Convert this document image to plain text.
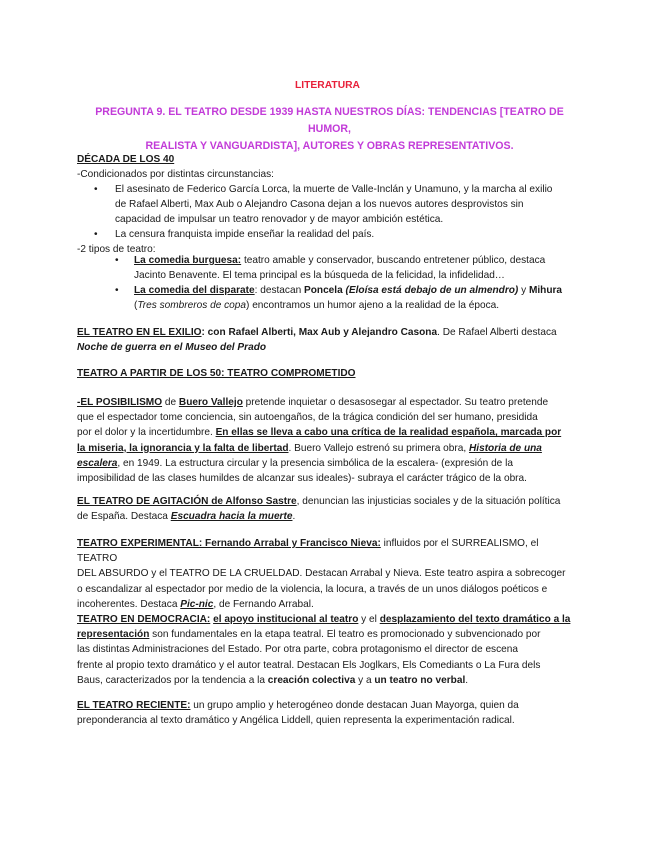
LITERATURA
PREGUNTA 9. EL TEATRO DESDE 1939 HASTA NUESTROS DÍAS: TENDENCIAS [TEATRO DE HUMOR,
REALISTA Y VANGUARDISTA], AUTORES Y OBRAS REPRESENTATIVOS.
DÉCADA DE LOS 40
-Condicionados por distintas circunstancias:
• El asesinato de Federico García Lorca, la muerte de Valle-Inclán y Unamuno, y la marcha al exilio
de Rafael Alberti, Max Aub o Alejandro Casona dejan a los nuevos autores desprovistos sin
capacidad de impulsar un teatro renovador y de mayor ambición estética.
• La censura franquista impide enseñar la realidad del país.
-2 tipos de teatro:
• La comedia burguesa: teatro amable y conservador, buscando entretener público, destaca
Jacinto Benavente. El tema principal es la búsqueda de la felicidad, la infidelidad…
• La comedia del disparate: destacan Poncela (Eloísa está debajo de un almendro) y Mihura
(Tres sombreros de copa) encontramos un humor ajeno a la realidad de la época.
EL TEATRO EN EL EXILIO: con Rafael Alberti, Max Aub y Alejandro Casona. De Rafael Alberti destaca
Noche de guerra en el Museo del Prado
TEATRO A PARTIR DE LOS 50: TEATRO COMPROMETIDO
-EL POSIBILISMO de Buero Vallejo pretende inquietar o desasosegar al espectador. Su teatro pretende
que el espectador tome conciencia, sin autoengaños, de la trágica condición del ser humano, presidida
por el dolor y la incertidumbre. En ellas se lleva a cabo una crítica de la realidad española, marcada por
la miseria, la ignorancia y la falta de libertad. Buero Vallejo estrenó su primera obra, Historia de una
escalera, en 1949. La estructura circular y la presencia simbólica de la escalera- (expresión de la
imposibilidad de las clases humildes de alcanzar sus ideales)- subraya el carácter trágico de la obra.
EL TEATRO DE AGITACIÓN de Alfonso Sastre, denuncian las injusticias sociales y de la situación política
de España. Destaca Escuadra hacia la muerte.
TEATRO EXPERIMENTAL: Fernando Arrabal y Francisco Nieva: influidos por el SURREALISMO, el TEATRO
DEL ABSURDO y el TEATRO DE LA CRUELDAD. Destacan Arrabal y Nieva. Este teatro aspira a sobrecoger
o escandalizar al espectador por medio de la violencia, la locura, a través de un unos diálogos poéticos e
incoherentes. Destaca Pic-nic, de Fernando Arrabal.
TEATRO EN DEMOCRACIA: el apoyo institucional al teatro y el desplazamiento del texto dramático a la
representación son fundamentales en la etapa teatral. El teatro es promocionado y subvencionado por
las distintas Administraciones del Estado. Por otra parte, cobra protagonismo el director de escena
frente al propio texto dramático y el autor teatral. Destacan Els Joglkars, Els Comediants o La Fura dels
Baus, caracterizados por la tendencia a la creación colectiva y a un teatro no verbal.
EL TEATRO RECIENTE: un grupo amplio y heterogéneo donde destacan Juan Mayorga, quien da
preponderancia al texto dramático y Angélica Liddell, quien representa la experimentación radical.
